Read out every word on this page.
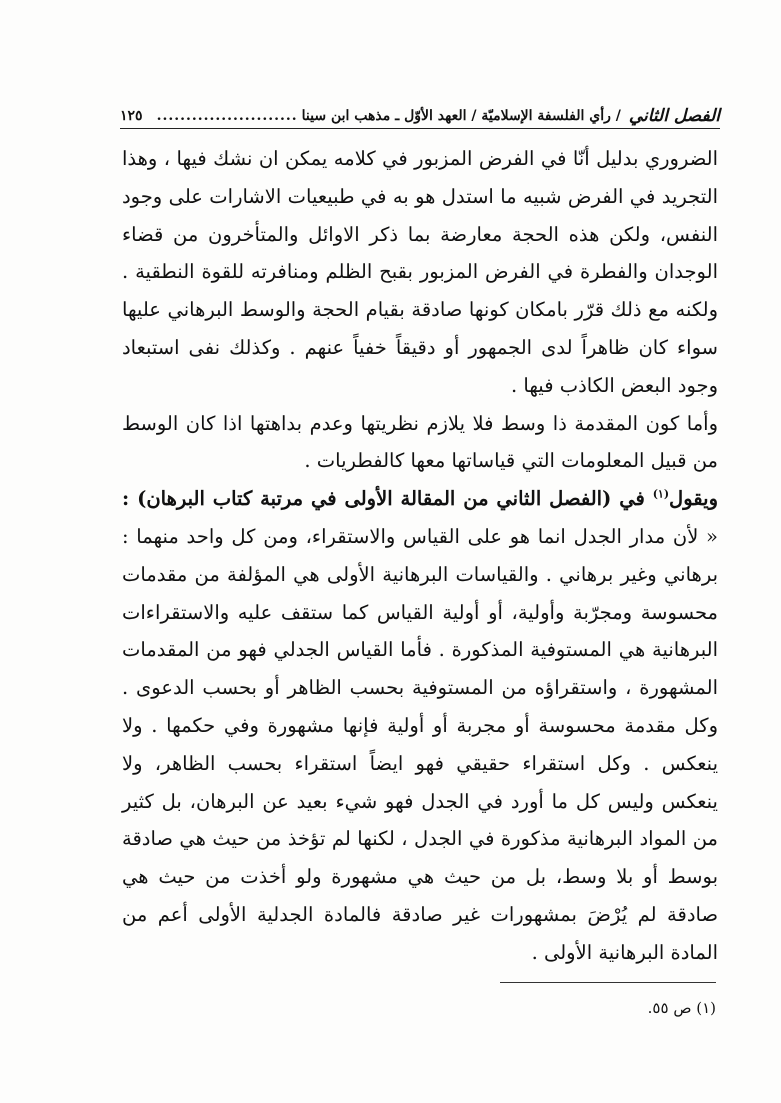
الفصل الثاني
/ رأي الفلسفة الإسلاميّة / العهد الأوّل ـ مذهب ابن سينا
........................
١٢٥

الضروري بدليل أنّا في الفرض المزبور في كلامه يمكن ان نشك فيها ، وهذا التجريد في الفرض شبيه ما استدل هو به في طبيعيات الاشارات على وجود النفس، ولكن هذه الحجة معارضة بما ذكر الاوائل والمتأخرون من قضاء الوجدان والفطرة في الفرض المزبور بقبح الظلم ومنافرته للقوة النطقية . ولكنه مع ذلك قرّر بامكان كونها صادقة بقيام الحجة والوسط البرهاني عليها سواء كان ظاهراً لدى الجمهور أو دقيقاً خفياً عنهم . وكذلك نفى استبعاد وجود البعض الكاذب فيها .

وأما كون المقدمة ذا وسط فلا يلازم نظريتها وعدم بداهتها اذا كان الوسط من قبيل المعلومات التي قياساتها معها كالفطريات .

ويقول$^{(١)}$ في (الفصل الثاني من المقالة الأولى في مرتبة كتاب البرهان) : « لأن مدار الجدل انما هو على القياس والاستقراء، ومن كل واحد منهما : برهاني وغير برهاني . والقياسات البرهانية الأولى هي المؤلفة من مقدمات محسوسة ومجرّبة وأولية، أو أولية القياس كما ستقف عليه والاستقراءات البرهانية هي المستوفية المذكورة . فأما القياس الجدلي فهو من المقدمات المشهورة ، واستقراؤه من المستوفية بحسب الظاهر أو بحسب الدعوى . وكل مقدمة محسوسة أو مجربة أو أولية فإنها مشهورة وفي حكمها . ولا ينعكس . وكل استقراء حقيقي فهو ايضاً استقراء بحسب الظاهر، ولا ينعكس وليس كل ما أورد في الجدل فهو شيء بعيد عن البرهان، بل كثير من المواد البرهانية مذكورة في الجدل ، لكنها لم تؤخذ من حيث هي صادقة بوسط أو بلا وسط، بل من حيث هي مشهورة ولو أخذت من حيث هي صادقة لم يُرْضَ بمشهورات غير صادقة فالمادة الجدلية الأولى أعم من المادة البرهانية الأولى .

(١) ص ٥٥.
